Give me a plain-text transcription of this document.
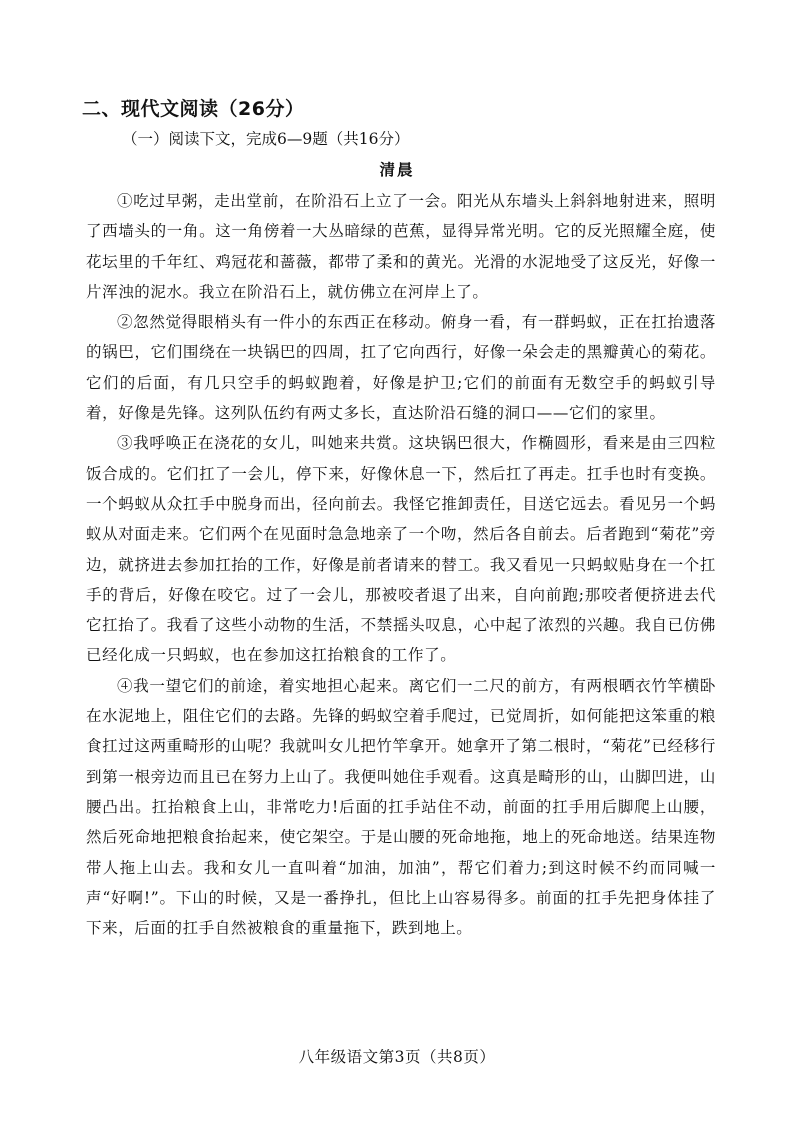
二、现代文阅读（26分）
（一）阅读下文，完成6—9题（共16分）
清晨

①吃过早粥，走出堂前，在阶沿石上立了一会。阳光从东墙头上斜斜地射进来，照明了西墙头的一角。这一角傍着一大丛暗绿的芭蕉，显得异常光明。它的反光照耀全庭，使花坛里的千年红、鸡冠花和蔷薇，都带了柔和的黄光。光滑的水泥地受了这反光，好像一片浑浊的泥水。我立在阶沿石上，就仿佛立在河岸上了。

②忽然觉得眼梢头有一件小的东西正在移动。俯身一看，有一群蚂蚁，正在扛抬遗落的锅巴，它们围绕在一块锅巴的四周，扛了它向西行，好像一朵会走的黑瓣黄心的菊花。它们的后面，有几只空手的蚂蚁跑着，好像是护卫;它们的前面有无数空手的蚂蚁引导着，好像是先锋。这列队伍约有两丈多长，直达阶沿石缝的洞口——它们的家里。

③我呼唤正在浇花的女儿，叫她来共赏。这块锅巴很大，作椭圆形，看来是由三四粒饭合成的。它们扛了一会儿，停下来，好像休息一下，然后扛了再走。扛手也时有变换。一个蚂蚁从众扛手中脱身而出，径向前去。我怪它推卸责任，目送它远去。看见另一个蚂蚁从对面走来。它们两个在见面时急急地亲了一个吻，然后各自前去。后者跑到“菊花”旁边，就挤进去参加扛抬的工作，好像是前者请来的替工。我又看见一只蚂蚁贴身在一个扛手的背后，好像在咬它。过了一会儿，那被咬者退了出来，自向前跑;那咬者便挤进去代它扛抬了。我看了这些小动物的生活，不禁摇头叹息，心中起了浓烈的兴趣。我自已仿佛已经化成一只蚂蚁，也在参加这扛抬粮食的工作了。

④我一望它们的前途，着实地担心起来。离它们一二尺的前方，有两根晒衣竹竿横卧在水泥地上，阻住它们的去路。先锋的蚂蚁空着手爬过，已觉周折，如何能把这笨重的粮食扛过这两重畸形的山呢？我就叫女儿把竹竿拿开。她拿开了第二根时，“菊花”已经移行到第一根旁边而且已在努力上山了。我便叫她住手观看。这真是畸形的山，山脚凹进，山腰凸出。扛抬粮食上山，非常吃力!后面的扛手站住不动，前面的扛手用后脚爬上山腰，然后死命地把粮食抬起来，使它架空。于是山腰的死命地拖，地上的死命地送。结果连物带人拖上山去。我和女儿一直叫着“加油，加油”，帮它们着力;到这时候不约而同喊一声“好啊!”。下山的时候，又是一番挣扎，但比上山容易得多。前面的扛手先把身体挂了下来，后面的扛手自然被粮食的重量拖下，跌到地上。

八年级语文第3页（共8页）
